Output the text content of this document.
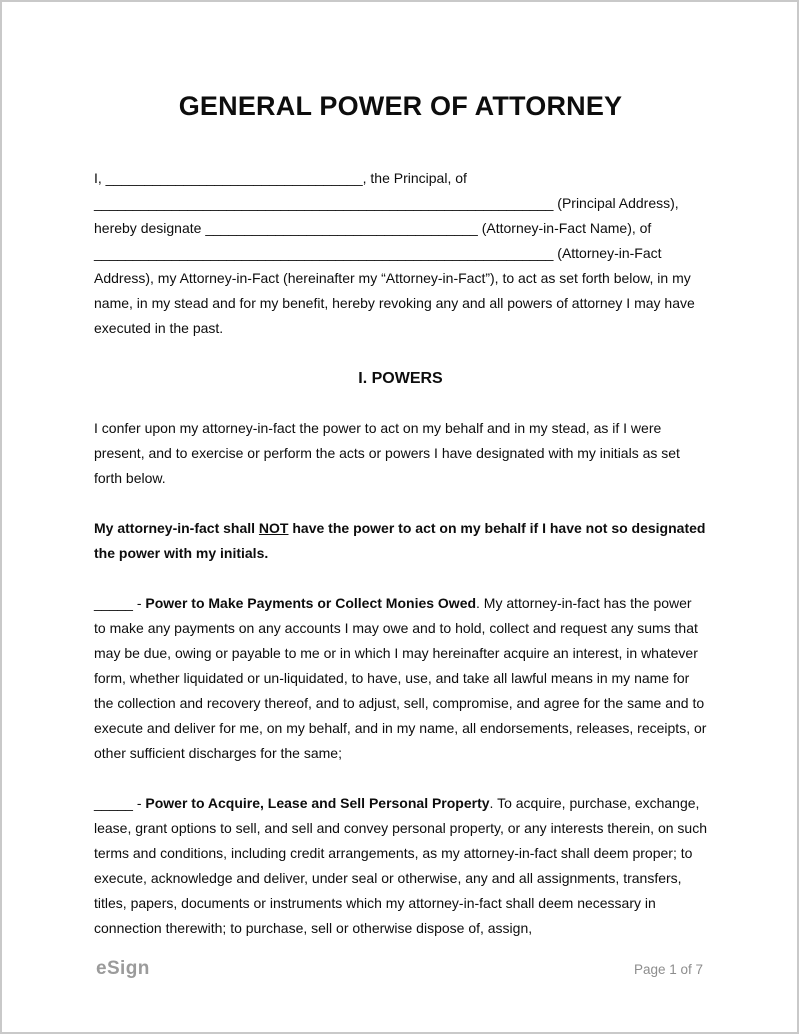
GENERAL POWER OF ATTORNEY

I, _________________________________, the Principal, of ___________________________________________________________ (Principal Address), hereby designate ___________________________________ (Attorney-in-Fact Name), of ___________________________________________________________ (Attorney-in-Fact Address), my Attorney-in-Fact (hereinafter my “Attorney-in-Fact”), to act as set forth below, in my name, in my stead and for my benefit, hereby revoking any and all powers of attorney I may have executed in the past.

I. POWERS

I confer upon my attorney-in-fact the power to act on my behalf and in my stead, as if I were present, and to exercise or perform the acts or powers I have designated with my initials as set forth below.

My attorney-in-fact shall NOT have the power to act on my behalf if I have not so designated the power with my initials.

_____ - Power to Make Payments or Collect Monies Owed. My attorney-in-fact has the power to make any payments on any accounts I may owe and to hold, collect and request any sums that may be due, owing or payable to me or in which I may hereinafter acquire an interest, in whatever form, whether liquidated or un-liquidated, to have, use, and take all lawful means in my name for the collection and recovery thereof, and to adjust, sell, compromise, and agree for the same and to execute and deliver for me, on my behalf, and in my name, all endorsements, releases, receipts, or other sufficient discharges for the same;

_____ - Power to Acquire, Lease and Sell Personal Property. To acquire, purchase, exchange, lease, grant options to sell, and sell and convey personal property, or any interests therein, on such terms and conditions, including credit arrangements, as my attorney-in-fact shall deem proper; to execute, acknowledge and deliver, under seal or otherwise, any and all assignments, transfers, titles, papers, documents or instruments which my attorney-in-fact shall deem necessary in connection therewith; to purchase, sell or otherwise dispose of, assign,

eSign	Page 1 of 7
